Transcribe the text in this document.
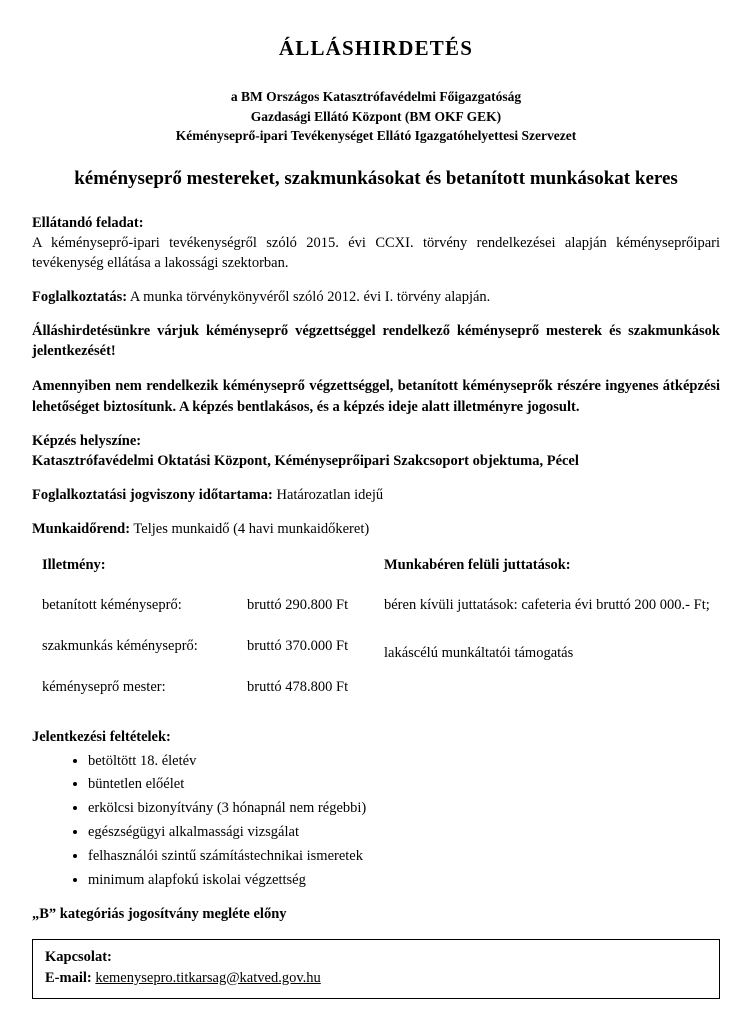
ÁLLÁSHIRDETÉS
a BM Országos Katasztrófavédelmi Főigazgatóság
Gazdasági Ellátó Központ (BM OKF GEK)
Kéményseprő-ipari Tevékenységet Ellátó Igazgatóhelyettesi Szervezet
kéményseprő mestereket, szakmunkásokat és betanított munkásokat keres
Ellátandó feladat:
A kéményseprő-ipari tevékenységről szóló 2015. évi CCXI. törvény rendelkezései alapján kéményseprőipari tevékenység ellátása a lakossági szektorban.
Foglalkoztatás: A munka törvénykönyvéről szóló 2012. évi I. törvény alapján.
Álláshirdetésünkre várjuk kéményseprő végzettséggel rendelkező kéményseprő mesterek és szakmunkások jelentkezését!
Amennyiben nem rendelkezik kéményseprő végzettséggel, betanított kéményseprők részére ingyenes átképzési lehetőséget biztosítunk. A képzés bentlakásos, és a képzés ideje alatt illetményre jogosult.
Képzés helyszíne:
Katasztrófavédelmi Oktatási Központ, Kéményseprőipari Szakcsoport objektuma, Pécel
Foglalkoztatási jogviszony időtartama: Határozatlan idejű
Munkaidőrend: Teljes munkaidő (4 havi munkaidőkeret)
Illetmény:
betanított kéményseprő:	bruttó 290.800 Ft
szakmunkás kéményseprő:	bruttó 370.000 Ft
kéményseprő mester:	bruttó 478.800 Ft
Munkabéren felüli juttatások:
béren kívüli juttatások: cafeteria évi bruttó 200 000.- Ft;
lakáscélú munkáltatói támogatás
Jelentkezési feltételek:
• betöltött 18. életév
• büntetlen előélet
• erkölcsi bizonyítvány (3 hónapnál nem régebbi)
• egészségügyi alkalmassági vizsgálat
• felhasználói szintű számítástechnikai ismeretek
• minimum alapfokú iskolai végzettség
„B” kategóriás jogosítvány megléte előny
Kapcsolat:
E-mail: kemenysepro.titkarsag@katved.gov.hu
